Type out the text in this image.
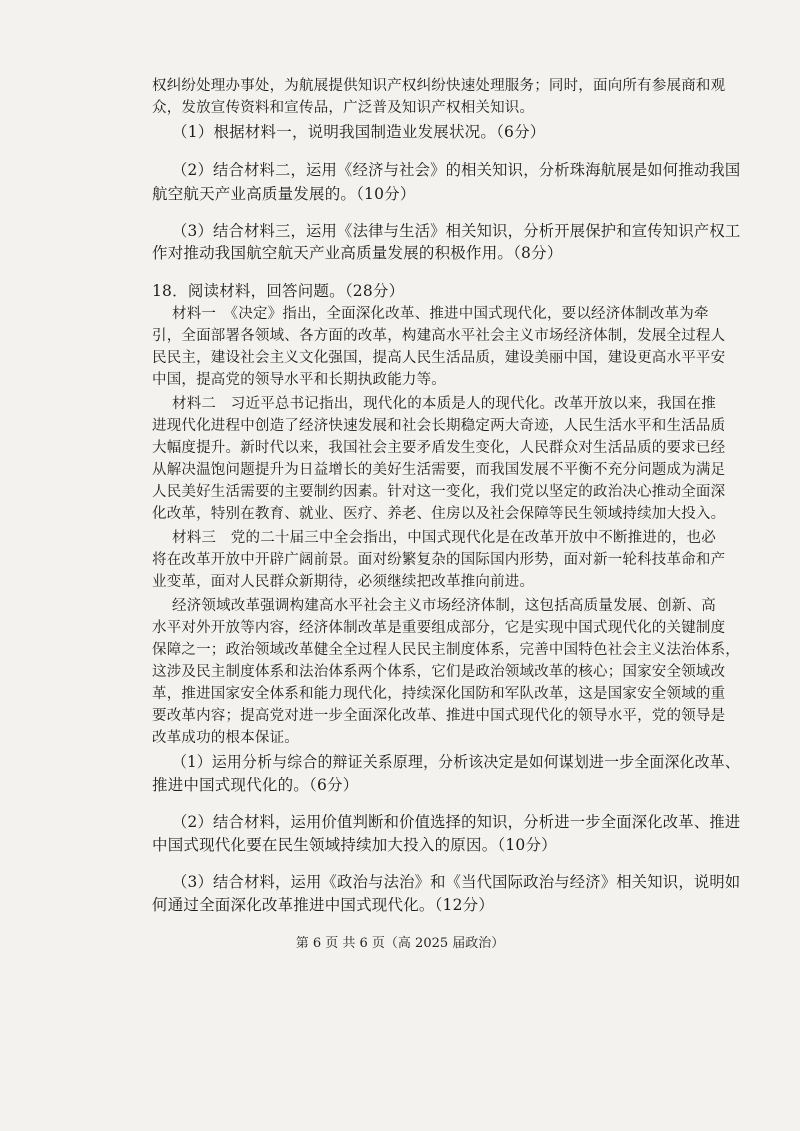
权纠纷处理办事处，为航展提供知识产权纠纷快速处理服务；同时，面向所有参展商和观
众，发放宣传资料和宣传品，广泛普及知识产权相关知识。
（1）根据材料一，说明我国制造业发展状况。（6分）
（2）结合材料二，运用《经济与社会》的相关知识，分析珠海航展是如何推动我国
航空航天产业高质量发展的。（10分）
（3）结合材料三，运用《法律与生活》相关知识，分析开展保护和宣传知识产权工
作对推动我国航空航天产业高质量发展的积极作用。（8分）
18．阅读材料，回答问题。（28分）
材料一　《决定》指出，全面深化改革、推进中国式现代化，要以经济体制改革为牵
引，全面部署各领域、各方面的改革，构建高水平社会主义市场经济体制，发展全过程人
民民主，建设社会主义文化强国，提高人民生活品质，建设美丽中国，建设更高水平平安
中国，提高党的领导水平和长期执政能力等。
材料二　习近平总书记指出，现代化的本质是人的现代化。改革开放以来，我国在推
进现代化进程中创造了经济快速发展和社会长期稳定两大奇迹，人民生活水平和生活品质
大幅度提升。新时代以来，我国社会主要矛盾发生变化，人民群众对生活品质的要求已经
从解决温饱问题提升为日益增长的美好生活需要，而我国发展不平衡不充分问题成为满足
人民美好生活需要的主要制约因素。针对这一变化，我们党以坚定的政治决心推动全面深
化改革，特别在教育、就业、医疗、养老、住房以及社会保障等民生领域持续加大投入。
材料三　党的二十届三中全会指出，中国式现代化是在改革开放中不断推进的，也必
将在改革开放中开辟广阔前景。面对纷繁复杂的国际国内形势，面对新一轮科技革命和产
业变革，面对人民群众新期待，必须继续把改革推向前进。
经济领域改革强调构建高水平社会主义市场经济体制，这包括高质量发展、创新、高
水平对外开放等内容，经济体制改革是重要组成部分，它是实现中国式现代化的关键制度
保障之一；政治领域改革健全全过程人民民主制度体系，完善中国特色社会主义法治体系，
这涉及民主制度体系和法治体系两个体系，它们是政治领域改革的核心；国家安全领域改
革，推进国家安全体系和能力现代化，持续深化国防和军队改革，这是国家安全领域的重
要改革内容；提高党对进一步全面深化改革、推进中国式现代化的领导水平，党的领导是
改革成功的根本保证。
（1）运用分析与综合的辩证关系原理，分析该决定是如何谋划进一步全面深化改革、
推进中国式现代化的。（6分）
（2）结合材料，运用价值判断和价值选择的知识，分析进一步全面深化改革、推进
中国式现代化要在民生领域持续加大投入的原因。（10分）
（3）结合材料，运用《政治与法治》和《当代国际政治与经济》相关知识，说明如
何通过全面深化改革推进中国式现代化。（12分）
第 6 页 共 6 页（高 2025 届政治）
